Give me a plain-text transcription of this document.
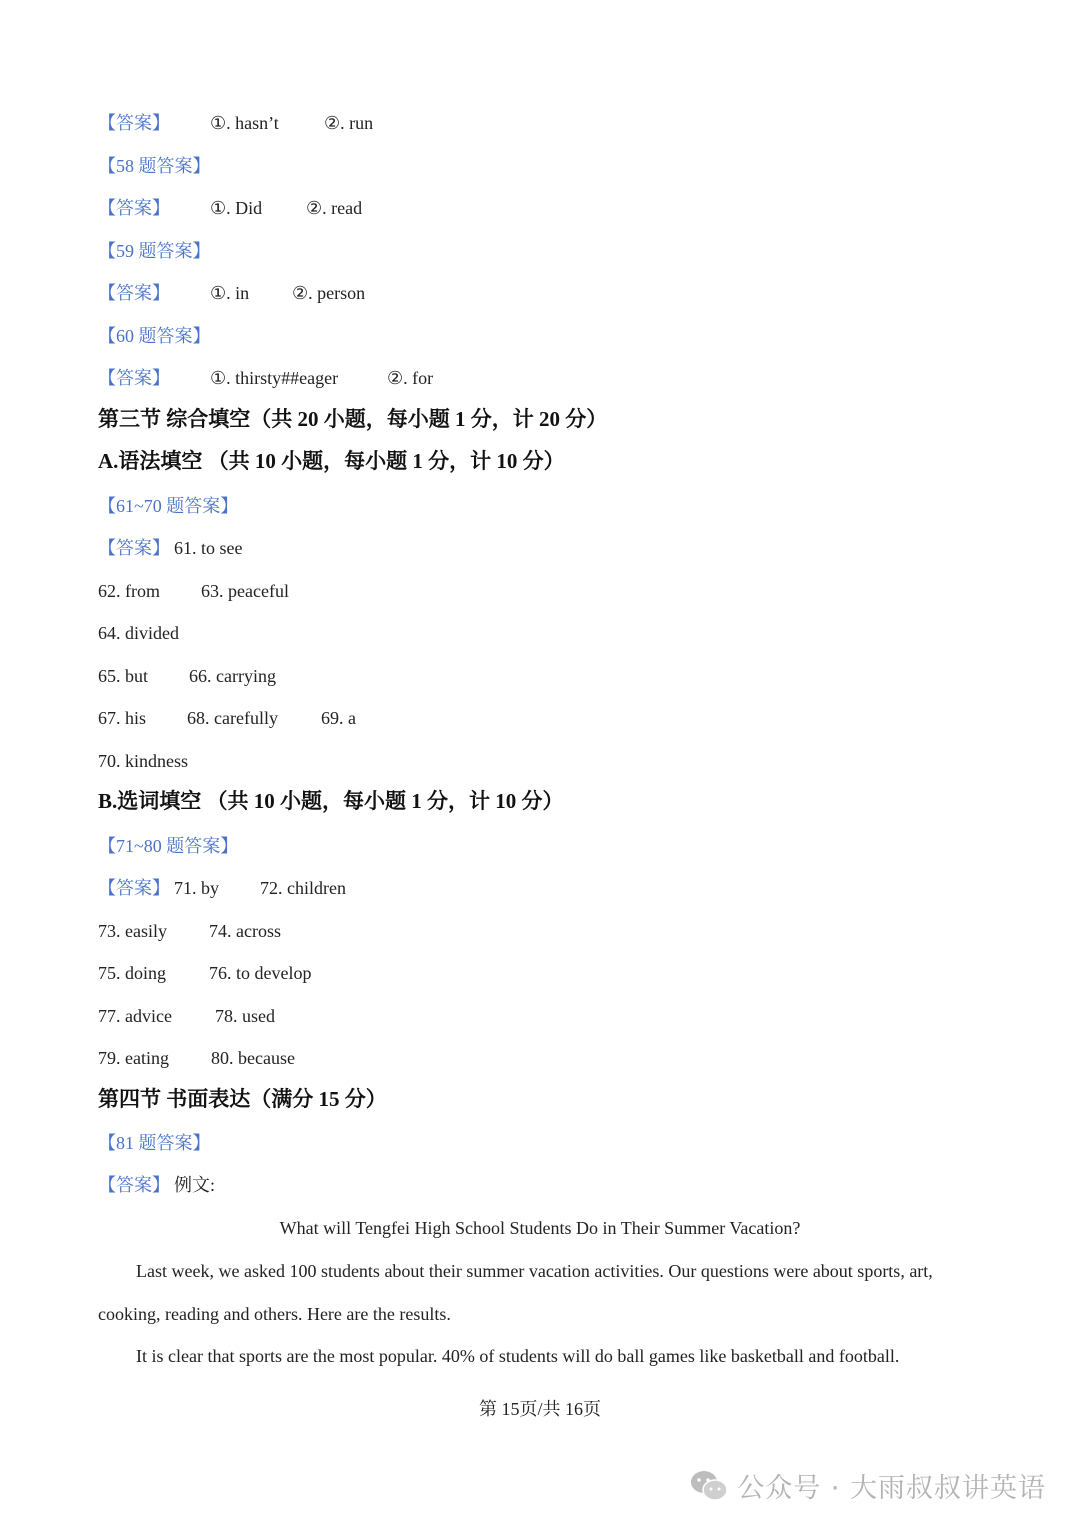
【答案】 ①. hasn’t	②. run
【58 题答案】
【答案】 ①. Did ②. read
【59 题答案】
【答案】 ①. in ②. person
【60 题答案】
【答案】 ①. thirsty##eager	②. for
第三节 综合填空（共 20 小题，每小题 1 分，计 20 分）
A.语法填空 （共 10 小题，每小题 1 分，计 10 分）
【61~70 题答案】
【答案】 61. to see
62. from 63. peaceful
64. divided
65. but 66. carrying
67. his 68. carefully 69. a
70. kindness
B.选词填空 （共 10 小题，每小题 1 分，计 10 分）
【71~80 题答案】
【答案】 71. by 72. children
73. easily 74. across
75. doing 76. to develop
77. advice 78. used
79. eating 80. because
第四节 书面表达（满分 15 分）
【81 题答案】
【答案】 例文:
What will Tengfei High School Students Do in Their Summer Vacation?
Last week, we asked 100 students about their summer vacation activities. Our questions were about sports, art,
cooking, reading and others. Here are the results.
It is clear that sports are the most popular. 40% of students will do ball games like basketball and football.
第 15页/共 16页
公众号 · 大雨叔叔讲英语
